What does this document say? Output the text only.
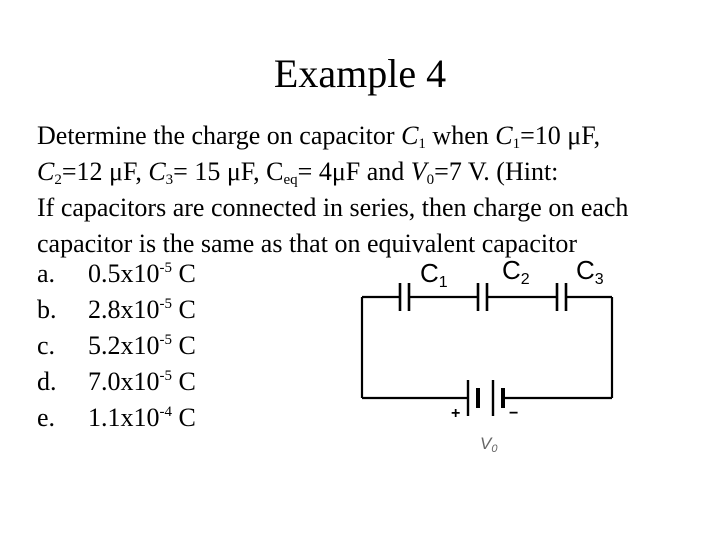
Example 4
Determine the charge on capacitor $C_1$ when $C_1=10$ μF,
$C_2=12$ μF, $C_3= 15$ μF, $C_{eq}= 4\mu F$ and $V_0=7$ V. (Hint:
If capacitors are connected in series, then charge on each
capacitor is the same as that on equivalent capacitor
a. $0.5x10^{-5}$ C
b. $2.8x10^{-5}$ C
c. $5.2x10^{-5}$ C
d. $7.0x10^{-5}$ C
e. $1.1x10^{-4}$ C
C1 C2 C3
+	−
V0
